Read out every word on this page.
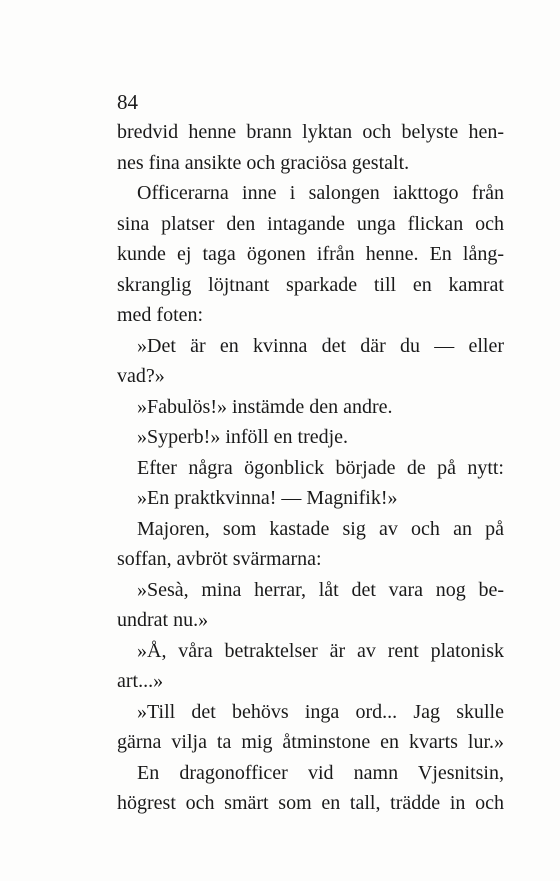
84
bredvid henne brann lyktan och belyste hen-
nes fina ansikte och graciösa gestalt.
Officerarna inne i salongen iakttogo från
sina platser den intagande unga flickan och
kunde ej taga ögonen ifrån henne. En lång-
skranglig löjtnant sparkade till en kamrat
med foten:
»Det är en kvinna det där du — eller
vad?»
»Fabulös!» instämde den andre.
»Syperb!» inföll en tredje.
Efter några ögonblick började de på nytt:
»En praktkvinna! — Magnifik!»
Majoren, som kastade sig av och an på
soffan, avbröt svärmarna:
»Sesà, mina herrar, låt det vara nog be-
undrat nu.»
»Å, våra betraktelser är av rent platonisk
art...»
»Till det behövs inga ord... Jag skulle
gärna vilja ta mig åtminstone en kvarts lur.»
En dragonofficer vid namn Vjesnitsin,
högrest och smärt som en tall, trädde in och
